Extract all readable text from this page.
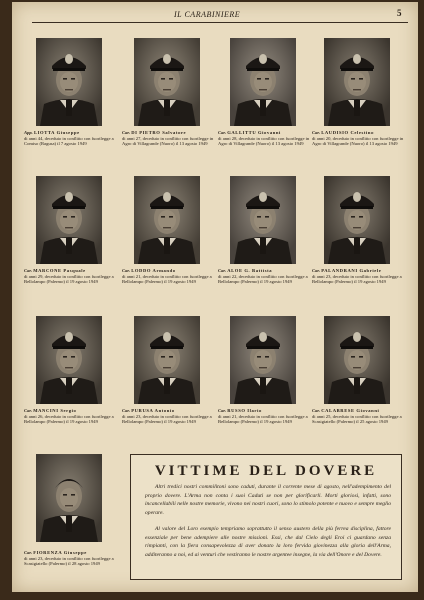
IL CARABINIERE	5
App. LIOTTA Giuseppe
di anni 44, deceduto in conflitto con fuorilegge a Comiso (Ragusa) il 7 agosto 1949
Car. DI PIETRO Salvatore
di anni 27, deceduto in conflitto con fuorilegge in Agro di Villagrande (Nuoro) il 13 agosto 1949
Car. GALLITTU Giovanni
di anni 28, deceduto in conflitto con fuorilegge in Agro di Villagrande (Nuoro) il 13 agosto 1949
Car. LAUDISIO Celestino
di anni 20, deceduto in conflitto con fuorilegge in Agro di Villagrande (Nuoro) il 13 agosto 1949
Car. MARCONE Pasquale
di anni 29, deceduto in conflitto con fuorilegge a Bellolampo (Palermo) il 19 agosto 1949
Car. LODDO Armando
di anni 21, deceduto in conflitto con fuorilegge a Bellolampo (Palermo) il 19 agosto 1949
Car. ALOE G. Battista
di anni 22, deceduto in conflitto con fuorilegge a Bellolampo (Palermo) il 19 agosto 1949
Car. PALANDRANI Gabriele
di anni 23, deceduto in conflitto con fuorilegge a Bellolampo (Palermo) il 19 agosto 1949
Car. MANCINI Sergio
di anni 26, deceduto in conflitto con fuorilegge a Bellolampo (Palermo) il 19 agosto 1949
Car. PURUSA Antonio
di anni 23, deceduto in conflitto con fuorilegge a Bellolampo (Palermo) il 19 agosto 1949
Car. RUSSO Ilario
di anni 21, deceduto in conflitto con fuorilegge a Bellolampo (Palermo) il 19 agosto 1949
Car. CALABRESE Giovanni
di anni 25, deceduto in conflitto con fuorilegge a Scasigiatello (Palermo) il 25 agosto 1949
Car. FIORENZA Giuseppe
di anni 23, deceduto in conflitto con fuorilegge a Scasigiatello (Palermo) il 28 agosto 1949
VITTIME DEL DOVERE

Altri tredici nostri commilitoni sono caduti, durante il corrente mese di agosto, nell'adempimento del proprio dovere. L'Arma non conta i suoi Caduti se non per glorificarli. Morti gloriosi, infatti, sono incancellabili nelle nostre memorie, vivono nei nostri cuori, sono lo stimolo potente e nuovo e sempre meglio operare.

Al valore del Loro esempio tempriamo soprattutto il senso austero della più ferrea disciplina, fattore essenziale per bene adempiere alle nostre missioni. Essi, che dal Cielo degli Eroi ci guardano senza rimpianti, con la fiera consapevolezza di aver donato la loro fervida giovinezza alla gloria dell'Arma, additeranno a noi, ed ai venturi che vestiranno le nostre argentee insegne, la via dell'Onore e del Dovere.
